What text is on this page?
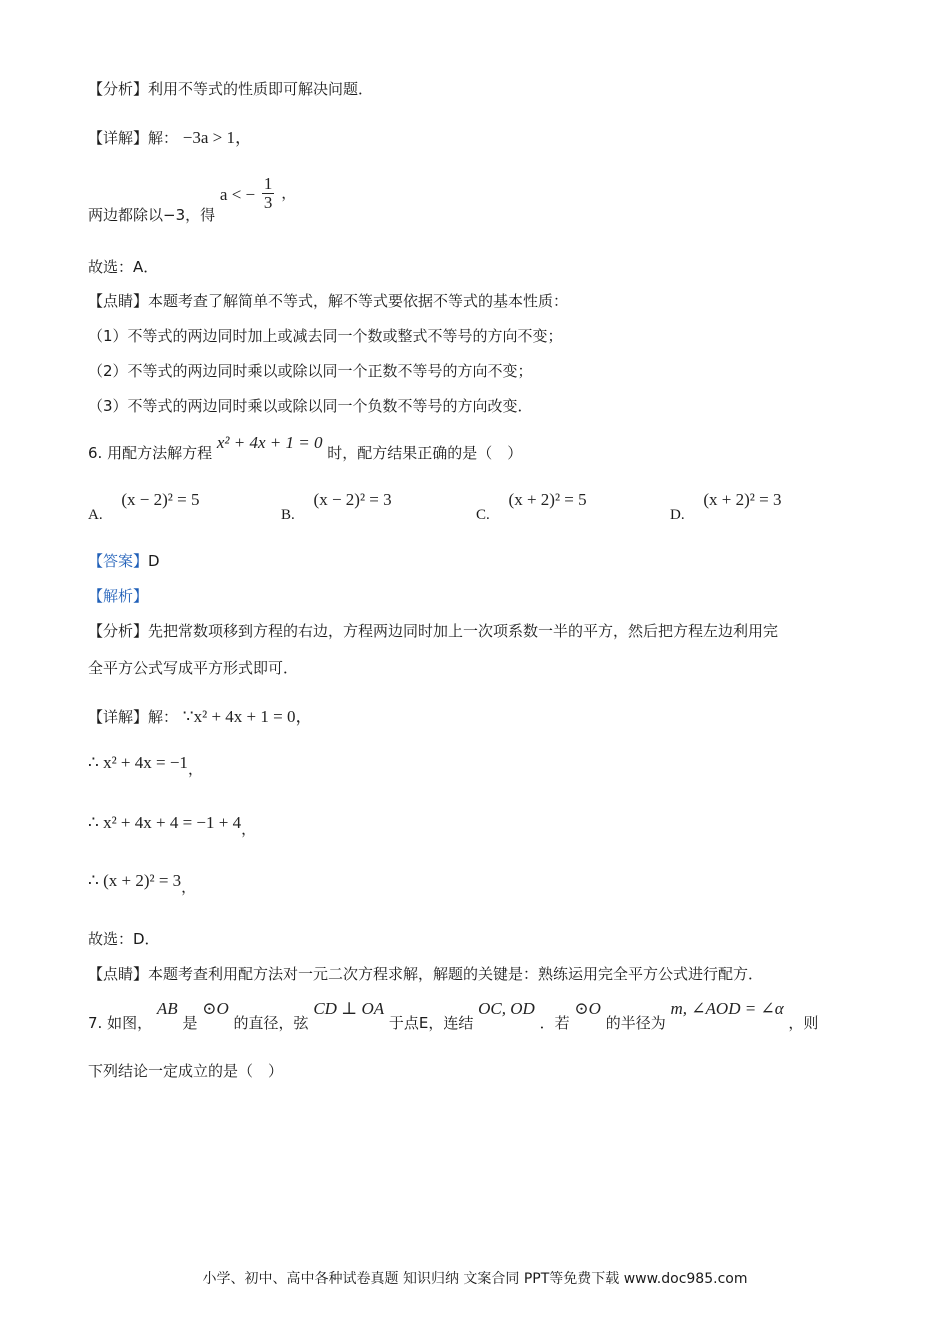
【分析】利用不等式的性质即可解决问题．
【详解】解： −3a > 1，
两边都除以−3，得 a < − $\frac{1}{3}$ ，
故选：A．
【点睛】本题考查了解简单不等式，解不等式要依据不等式的基本性质：
（1）不等式的两边同时加上或减去同一个数或整式不等号的方向不变；
（2）不等式的两边同时乘以或除以同一个正数不等号的方向不变；
（3）不等式的两边同时乘以或除以同一个负数不等号的方向改变．
6. 用配方法解方程 x² + 4x + 1 = 0 时，配方结果正确的是（　）
A. (x − 2)² = 5
B. (x − 2)² = 3
C. (x + 2)² = 5
D. (x + 2)² = 3
【答案】D
【解析】
【分析】先把常数项移到方程的右边，方程两边同时加上一次项系数一半的平方，然后把方程左边利用完
全平方公式写成平方形式即可．
【详解】解： ∵x² + 4x + 1 = 0，
∴ x² + 4x = −1，
∴ x² + 4x + 4 = −1 + 4，
∴ (x + 2)² = 3，
故选：D．
【点睛】本题考查利用配方法对一元二次方程求解，解题的关键是：熟练运用完全平方公式进行配方．
7. 如图， AB 是 ⊙O 的直径，弦 CD ⊥ OA 于点E，连结 OC, OD ．若 ⊙O 的半径为 m, ∠AOD = ∠α ，则
下列结论一定成立的是（　）
小学、初中、高中各种试卷真题 知识归纳 文案合同 PPT等免费下载 www.doc985.com
